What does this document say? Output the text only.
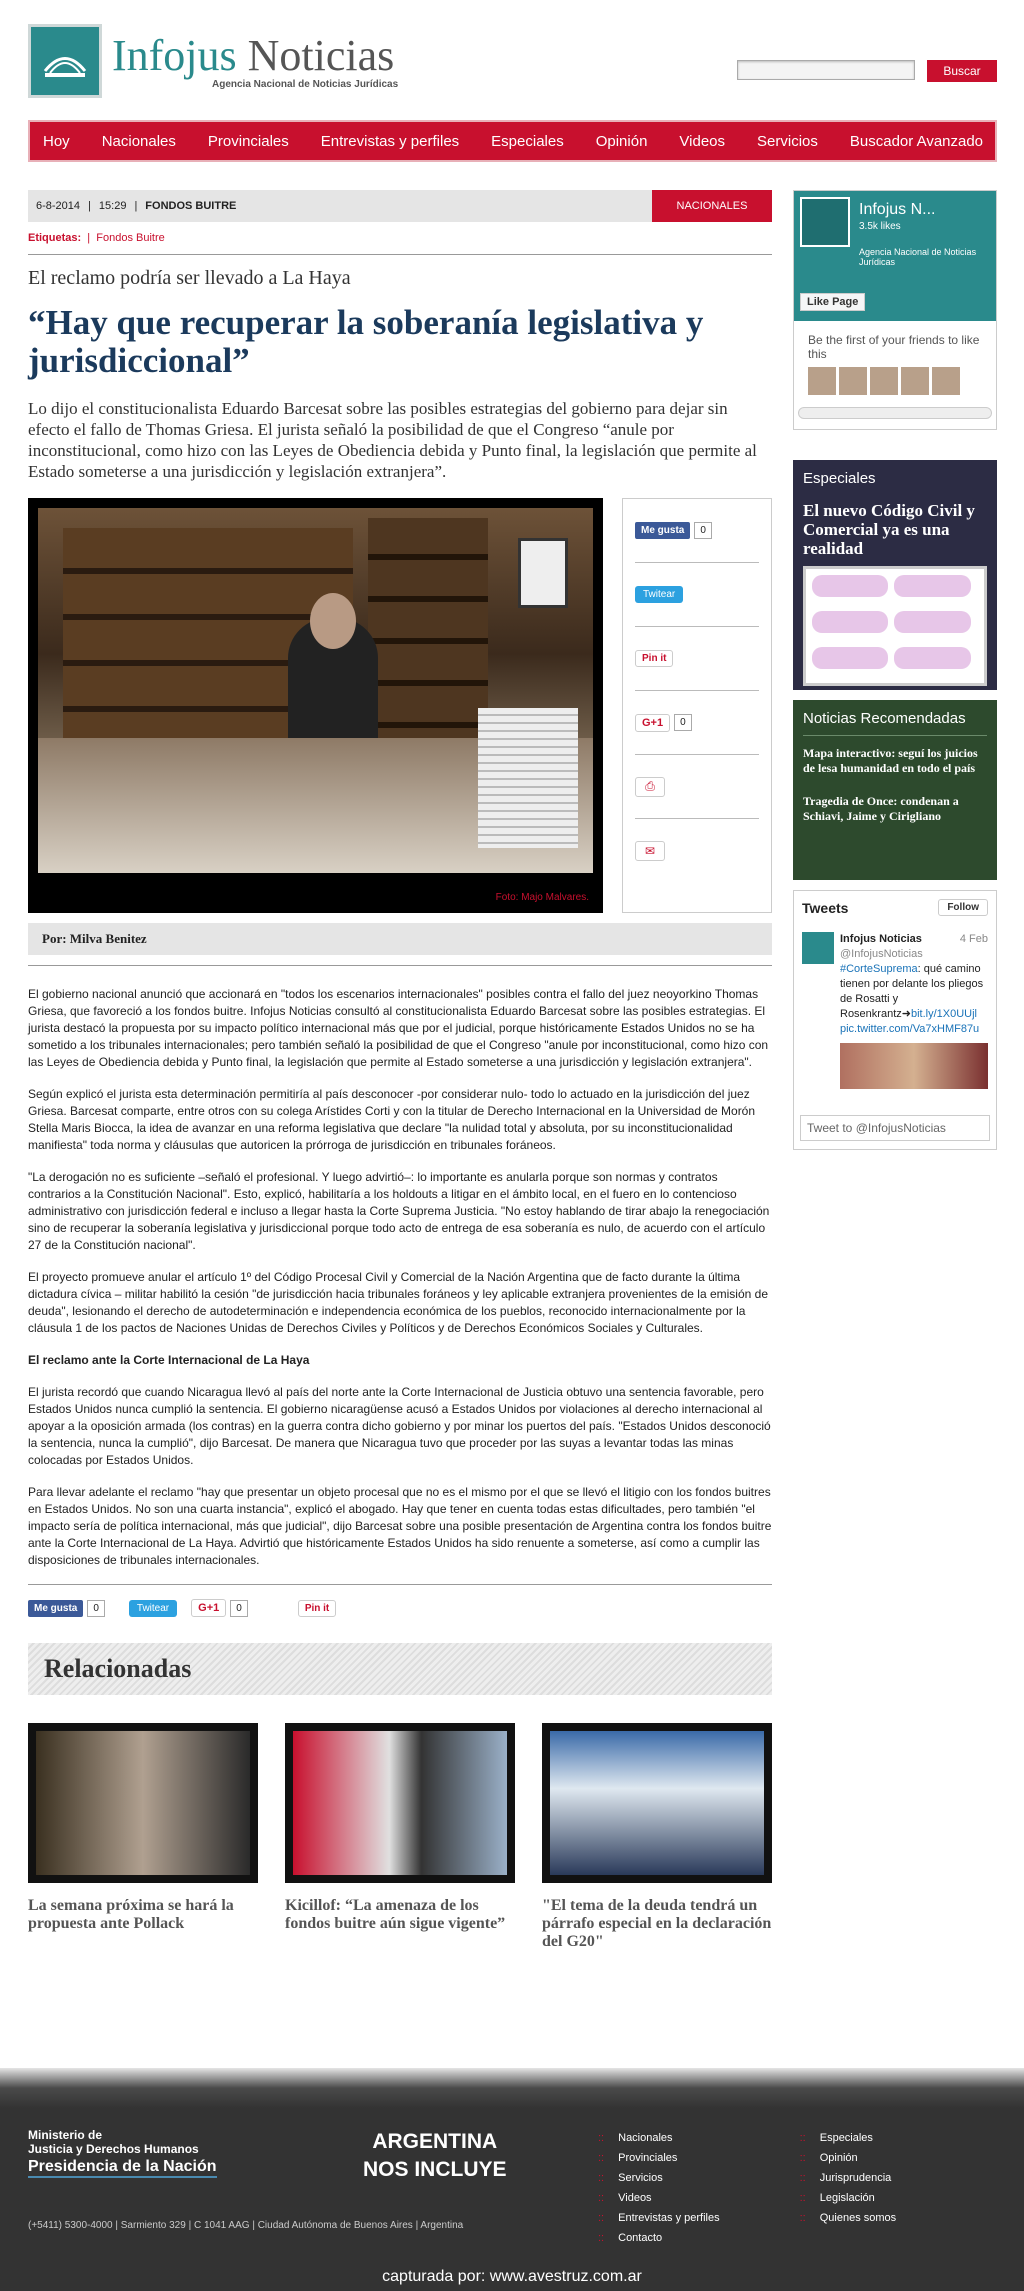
Infojus Noticias
Agencia Nacional de Noticias Jurídicas
Buscar
Hoy Nacionales Provinciales Entrevistas y perfiles Especiales Opinión Videos Servicios Buscador Avanzado
6-8-2014 | 15:29 | FONDOS BUITRE	NACIONALES
Etiquetas:  |  Fondos Buitre
El reclamo podría ser llevado a La Haya
“Hay que recuperar la soberanía legislativa y jurisdiccional”
Lo dijo el constitucionalista Eduardo Barcesat sobre las posibles estrategias del gobierno para dejar sin efecto el fallo de Thomas Griesa. El jurista señaló la posibilidad de que el Congreso “anule por inconstitucional, como hizo con las Leyes de Obediencia debida y Punto final, la legislación que permite al Estado someterse a una jurisdicción y legislación extranjera”.
Foto: Majo Malvares.
Me gusta	0
Twitear
Pin it
G+1	0
⎙
✉
Por: Milva Benitez

El gobierno nacional anunció que accionará en "todos los escenarios internacionales" posibles contra el fallo del juez neoyorkino Thomas Griesa, que favoreció a los fondos buitre. Infojus Noticias consultó al constitucionalista Eduardo Barcesat sobre las posibles estrategias. El jurista destacó la propuesta por su impacto político internacional más que por el judicial, porque históricamente Estados Unidos no se ha sometido a los tribunales internacionales; pero también señaló la posibilidad de que el Congreso "anule por inconstitucional, como hizo con las Leyes de Obediencia debida y Punto final, la legislación que permite al Estado someterse a una jurisdicción y legislación extranjera".

Según explicó el jurista esta determinación permitiría al país desconocer -por considerar nulo- todo lo actuado en la jurisdicción del juez Griesa. Barcesat comparte, entre otros con su colega Arístides Corti y con la titular de Derecho Internacional en la Universidad de Morón Stella Maris Biocca, la idea de avanzar en una reforma legislativa que declare "la nulidad total y absoluta, por su inconstitucionalidad manifiesta" toda norma y cláusulas que autoricen la prórroga de jurisdicción en tribunales foráneos.

"La derogación no es suficiente –señaló el profesional. Y luego advirtió–: lo importante es anularla porque son normas y contratos contrarios a la Constitución Nacional". Esto, explicó, habilitaría a los holdouts a litigar en el ámbito local, en el fuero en lo contencioso administrativo con jurisdicción federal e incluso a llegar hasta la Corte Suprema Justicia. "No estoy hablando de tirar abajo la renegociación sino de recuperar la soberanía legislativa y jurisdiccional porque todo acto de entrega de esa soberanía es nulo, de acuerdo con el artículo 27 de la Constitución nacional".

El proyecto promueve anular el artículo 1º del Código Procesal Civil y Comercial de la Nación Argentina que de facto durante la última dictadura cívica – militar habilitó la cesión "de jurisdicción hacia tribunales foráneos y ley aplicable extranjera provenientes de la emisión de deuda", lesionando el derecho de autodeterminación e independencia económica de los pueblos, reconocido internacionalmente por la cláusula 1 de los pactos de Naciones Unidas de Derechos Civiles y Políticos y de Derechos Económicos Sociales y Culturales.

El reclamo ante la Corte Internacional de La Haya

El jurista recordó que cuando Nicaragua llevó al país del norte ante la Corte Internacional de Justicia obtuvo una sentencia favorable, pero Estados Unidos nunca cumplió la sentencia. El gobierno nicaragüense acusó a Estados Unidos por violaciones al derecho internacional al apoyar a la oposición armada (los contras) en la guerra contra dicho gobierno y por minar los puertos del país. "Estados Unidos desconoció la sentencia, nunca la cumplió", dijo Barcesat. De manera que Nicaragua tuvo que proceder por las suyas a levantar todas las minas colocadas por Estados Unidos.

Para llevar adelante el reclamo "hay que presentar un objeto procesal que no es el mismo por el que se llevó el litigio con los fondos buitres en Estados Unidos. No son una cuarta instancia", explicó el abogado. Hay que tener en cuenta todas estas dificultades, pero también "el impacto sería de política internacional, más que judicial", dijo Barcesat sobre una posible presentación de Argentina contra los fondos buitre ante la Corte Internacional de La Haya. Advirtió que históricamente Estados Unidos ha sido renuente a someterse, así como a cumplir las disposiciones de tribunales internacionales.

Me gusta	0	Twitear	G+1	0	Pin it
Relacionadas
La semana próxima se hará la propuesta ante Pollack
Kicillof: “La amenaza de los fondos buitre aún sigue vigente”
"El tema de la deuda tendrá un párrafo especial en la declaración del G20"
Infojus N...
3.5k likes
Agencia Nacional de Noticias Jurídicas
Like Page
Be the first of your friends to like this
Especiales
El nuevo Código Civil y Comercial ya es una realidad
Noticias Recomendadas
Mapa interactivo: seguí los juicios de lesa humanidad en todo el país
Tragedia de Once: condenan a Schiavi, Jaime y Cirigliano
Tweets	Follow
Infojus Noticias	4 Feb

@InfojusNoticias
#CorteSuprema: qué camino tienen por delante los pliegos de Rosatti y Rosenkrantz➜bit.ly/1X0UUjl
pic.twitter.com/Va7xHMF87u
Tweet to @InfojusNoticias
Ministerio de
Justicia y Derechos Humanos
Presidencia de la Nación
ARGENTINA
NOS INCLUYE
:: Nacionales
:: Provinciales
:: Servicios
:: Videos
:: Entrevistas y perfiles
:: Contacto
:: Especiales
:: Opinión
:: Jurisprudencia
:: Legislación
:: Quienes somos
(+5411) 5300-4000 | Sarmiento 329 | C 1041 AAG | Ciudad Autónoma de Buenos Aires | Argentina
capturada por: www.avestruz.com.ar
